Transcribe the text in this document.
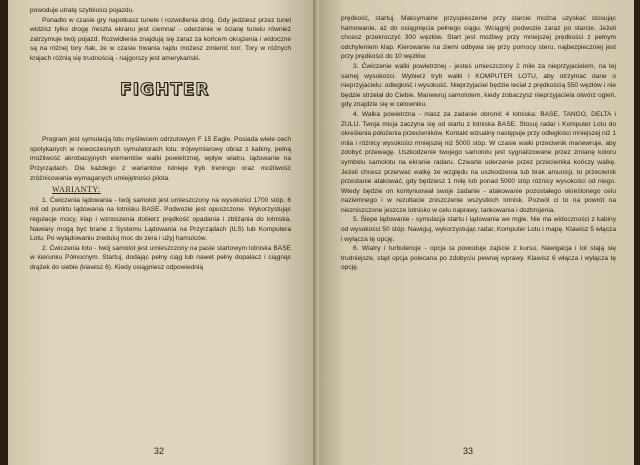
powoduje utratę szybkości pojazdu.

Ponadto w czasie gry napotkasz tunele i rozwidlenia dróg. Gdy jedziesz przez tunel widzisz tylko drogę /reszta ekranu jest ciemna/ - uderzenie w ścianę tunelu również zatrzymuje twój pojazd. Rozwidlenia znajdują się zaraz za końcem okrążenia i widoczne są na różnej tory /tak, że w czasie trwania rajdu możesz zmienić tor/. Tory w różnych krajach różnią się trudnością - najgorszy jest amerykański.

FIGHTER

Program jest symulacją lotu myśliwcem odrzutowym F 15 Eagle. Posiada wiele cech spotykanych w nowoczesnych symulatorach lotu: trójwymiarowy obraz z kabiny, pełną możliwość akrobacyjnych elementów walki powietrznej, wpływ wiatru, lądowanie na Przyrządach. Dla każdego z wariantów istnieje tryb treningu oraz możliwość zróżnicowania wymaganych umiejętności pilota.

WARIANTY:

1. Ćwiczenia lądowania - twój samolot jest umieszczony na wysokości 1700 stóp, 6 mil od punktu lądowania na lotnisku BASE. Podwozie jest opuszczone. Wykorzystując regulacje mocy, klap i wznoszenia dobierz prędkość opadania i zbliżania do lotniska. Nawiary mogą być brane z Systemu Lądowania na Przyrządach (ILS) lub Komputera Lotu. Po wylądowaniu zreduluj moc do zera i użyj hamulców.

2. Ćwiczenia lotu - twój samolot jest umieszczony na pasie startowym lotniska BASE w kierunku Północnym. Startuj, dodając pełny ciąg lub nawet pełny dopalacz i ciągnąc drążek do siebie (klawisz 6). Kiedy osiągniesz odpowiednią

32

prędkość, startuj. Maksymalne przyspieszenie przy starcie można uzyskać stosując hamowanie, aż do osiągnięcia pełnego ciągu. Wciągnij podwozie zaraz po starcie. Jeżeli chcesz przekroczyć 300 węzłów. Start jest możliwy przy mniejszej prędkości z pełnym odchyleniem klap. Kierowanie na ziemi odbywa się przy pomocy steru, najbezpieczniej jest przy prędkości do 10 węzłów.

3. Ćwiczenie walki powietrznej - jesteś umieszczony 2 mile za nieprzyjacielem, na tej samej wysokości. Wybierz tryb walki i KOMPUTER LOTU, aby otrzymać dane o nieprzyjacielu: odległość i wysokość. Nieprzyjaciel będzie leciał z prędkością 550 węzłów i nie będzie strzelał do Ciebie. Manewruj samolotem, kiedy zobaczysz nieprzyjaciela otwórz ogień, gdy znajdzie się w celowniku.

4. Walka powietrzna - masz za zadanie obronić 4 lotniska: BASE, TANGO, DELTA i ZULU. Twoja misja zaczyna się od startu z lotniska BASE. Stosuj radar i Komputer Lotu do określenia położenia przeciwników. Kontakt wizualny następuje przy odległości mniejszej niż 1 mila i różnicy wysokości mniejszej niż 5000 stóp. W czasie walki przeciwnik manewruje, aby zdobyć przewagę. Uszkodzenie twojego samolotu jest sygnalizowane przez zmianę koloru symbolu samolotu na ekranie radaru. Czwarte uderzenie przez przeciwnika kończy walkę. Jeżeli chcesz przerwać walkę ze względu na uszkodzenia lub brak amunicji, to przeciwnik przestanie atakować, gdy będziesz 1 milę lub ponad 5000 stóp różnicy wysokości od niego. Wtedy będzie on kontynuował swoje zadanie - atakowanie pozostałego określonego celu naziemnego i w rezultacie zniszczenie wszystkich lotnisk. Pozwól ci to na powrót na niezniszczone jeszcze lotnisko w celu naprawy, tankowania i dozbrojenia.

5. Ślepe lądowanie - symulacja startu i lądowania we mgle. Nie ma widoczności z kabiny od wysokości 50 stóp. Nawiguj, wykorzystując radar, Komputer Lotu i mapę. Klawisz 5 włącza i wyłącza tę opcję.

6. Wiatry i turbulencje - opcja ta powoduje zajście z kursu. Nawigacja i lot stają się trudniejsze, stąd opcja polecana po zdobyciu pewnej wprawy. Klawisz 6 włącza i wyłącza tę opcję.

33
